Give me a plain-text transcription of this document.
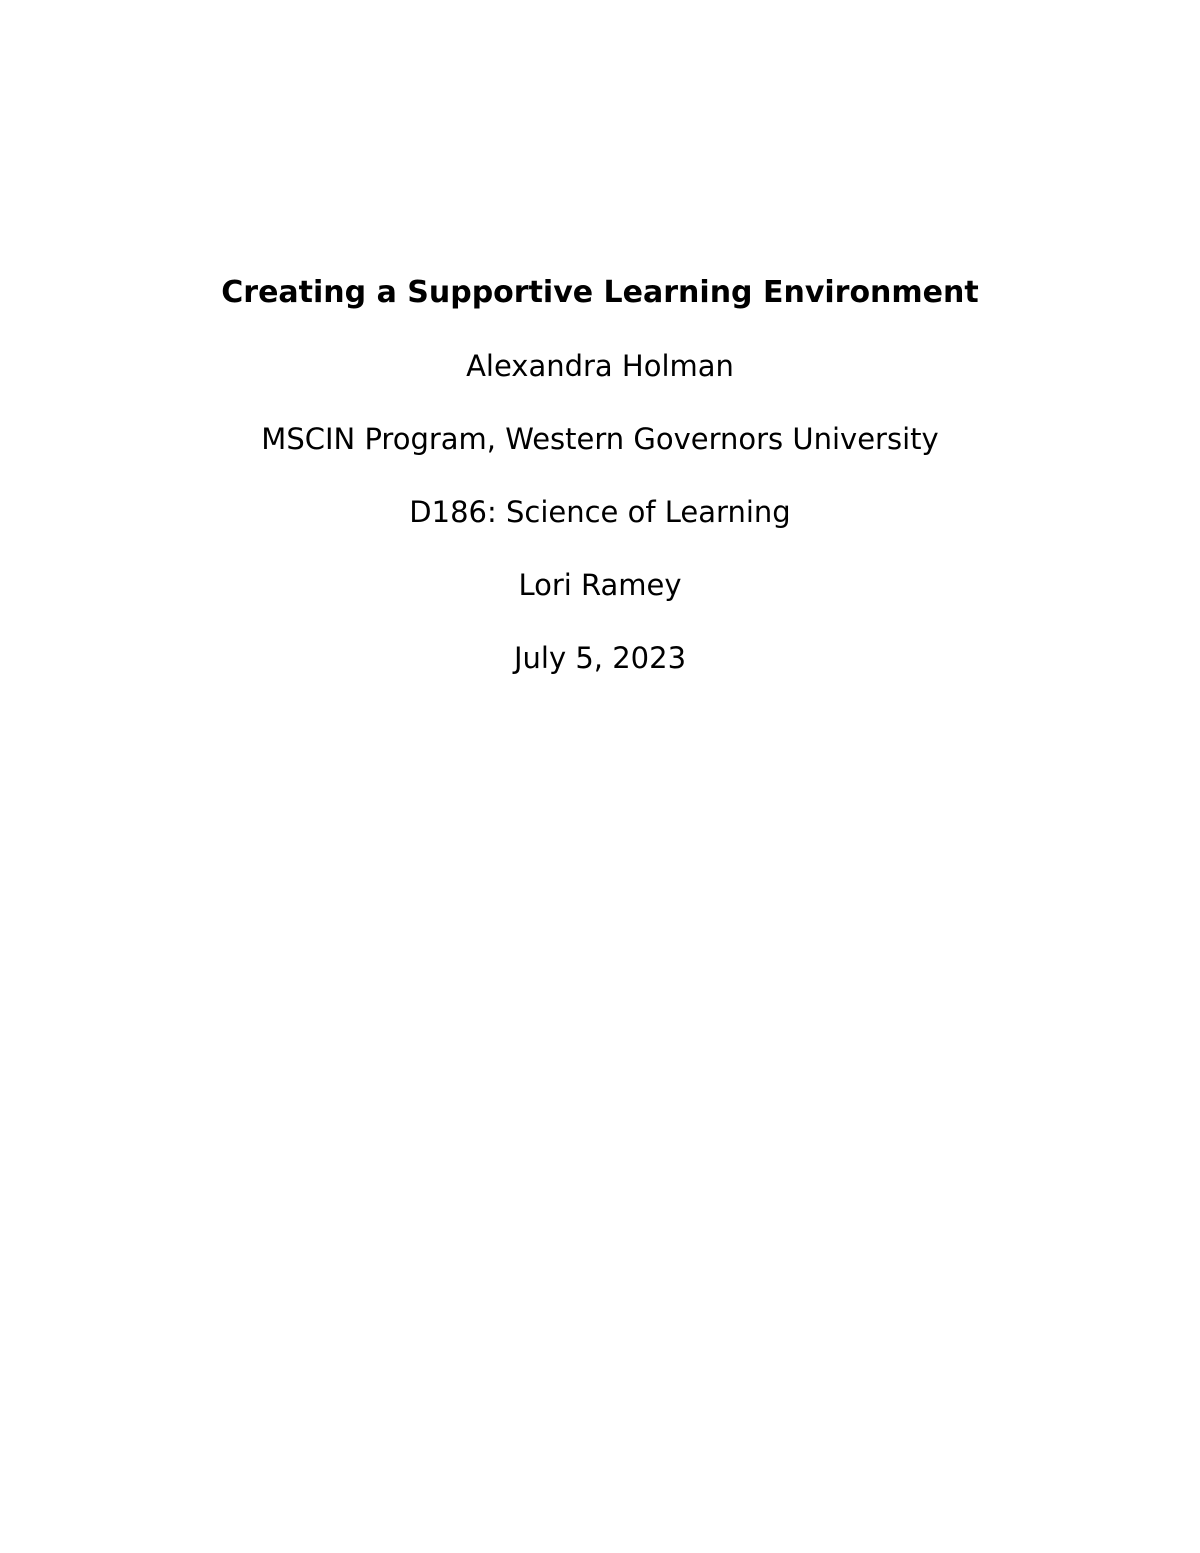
Creating a Supportive Learning Environment
Alexandra Holman
MSCIN Program, Western Governors University
D186: Science of Learning
Lori Ramey
July 5, 2023
